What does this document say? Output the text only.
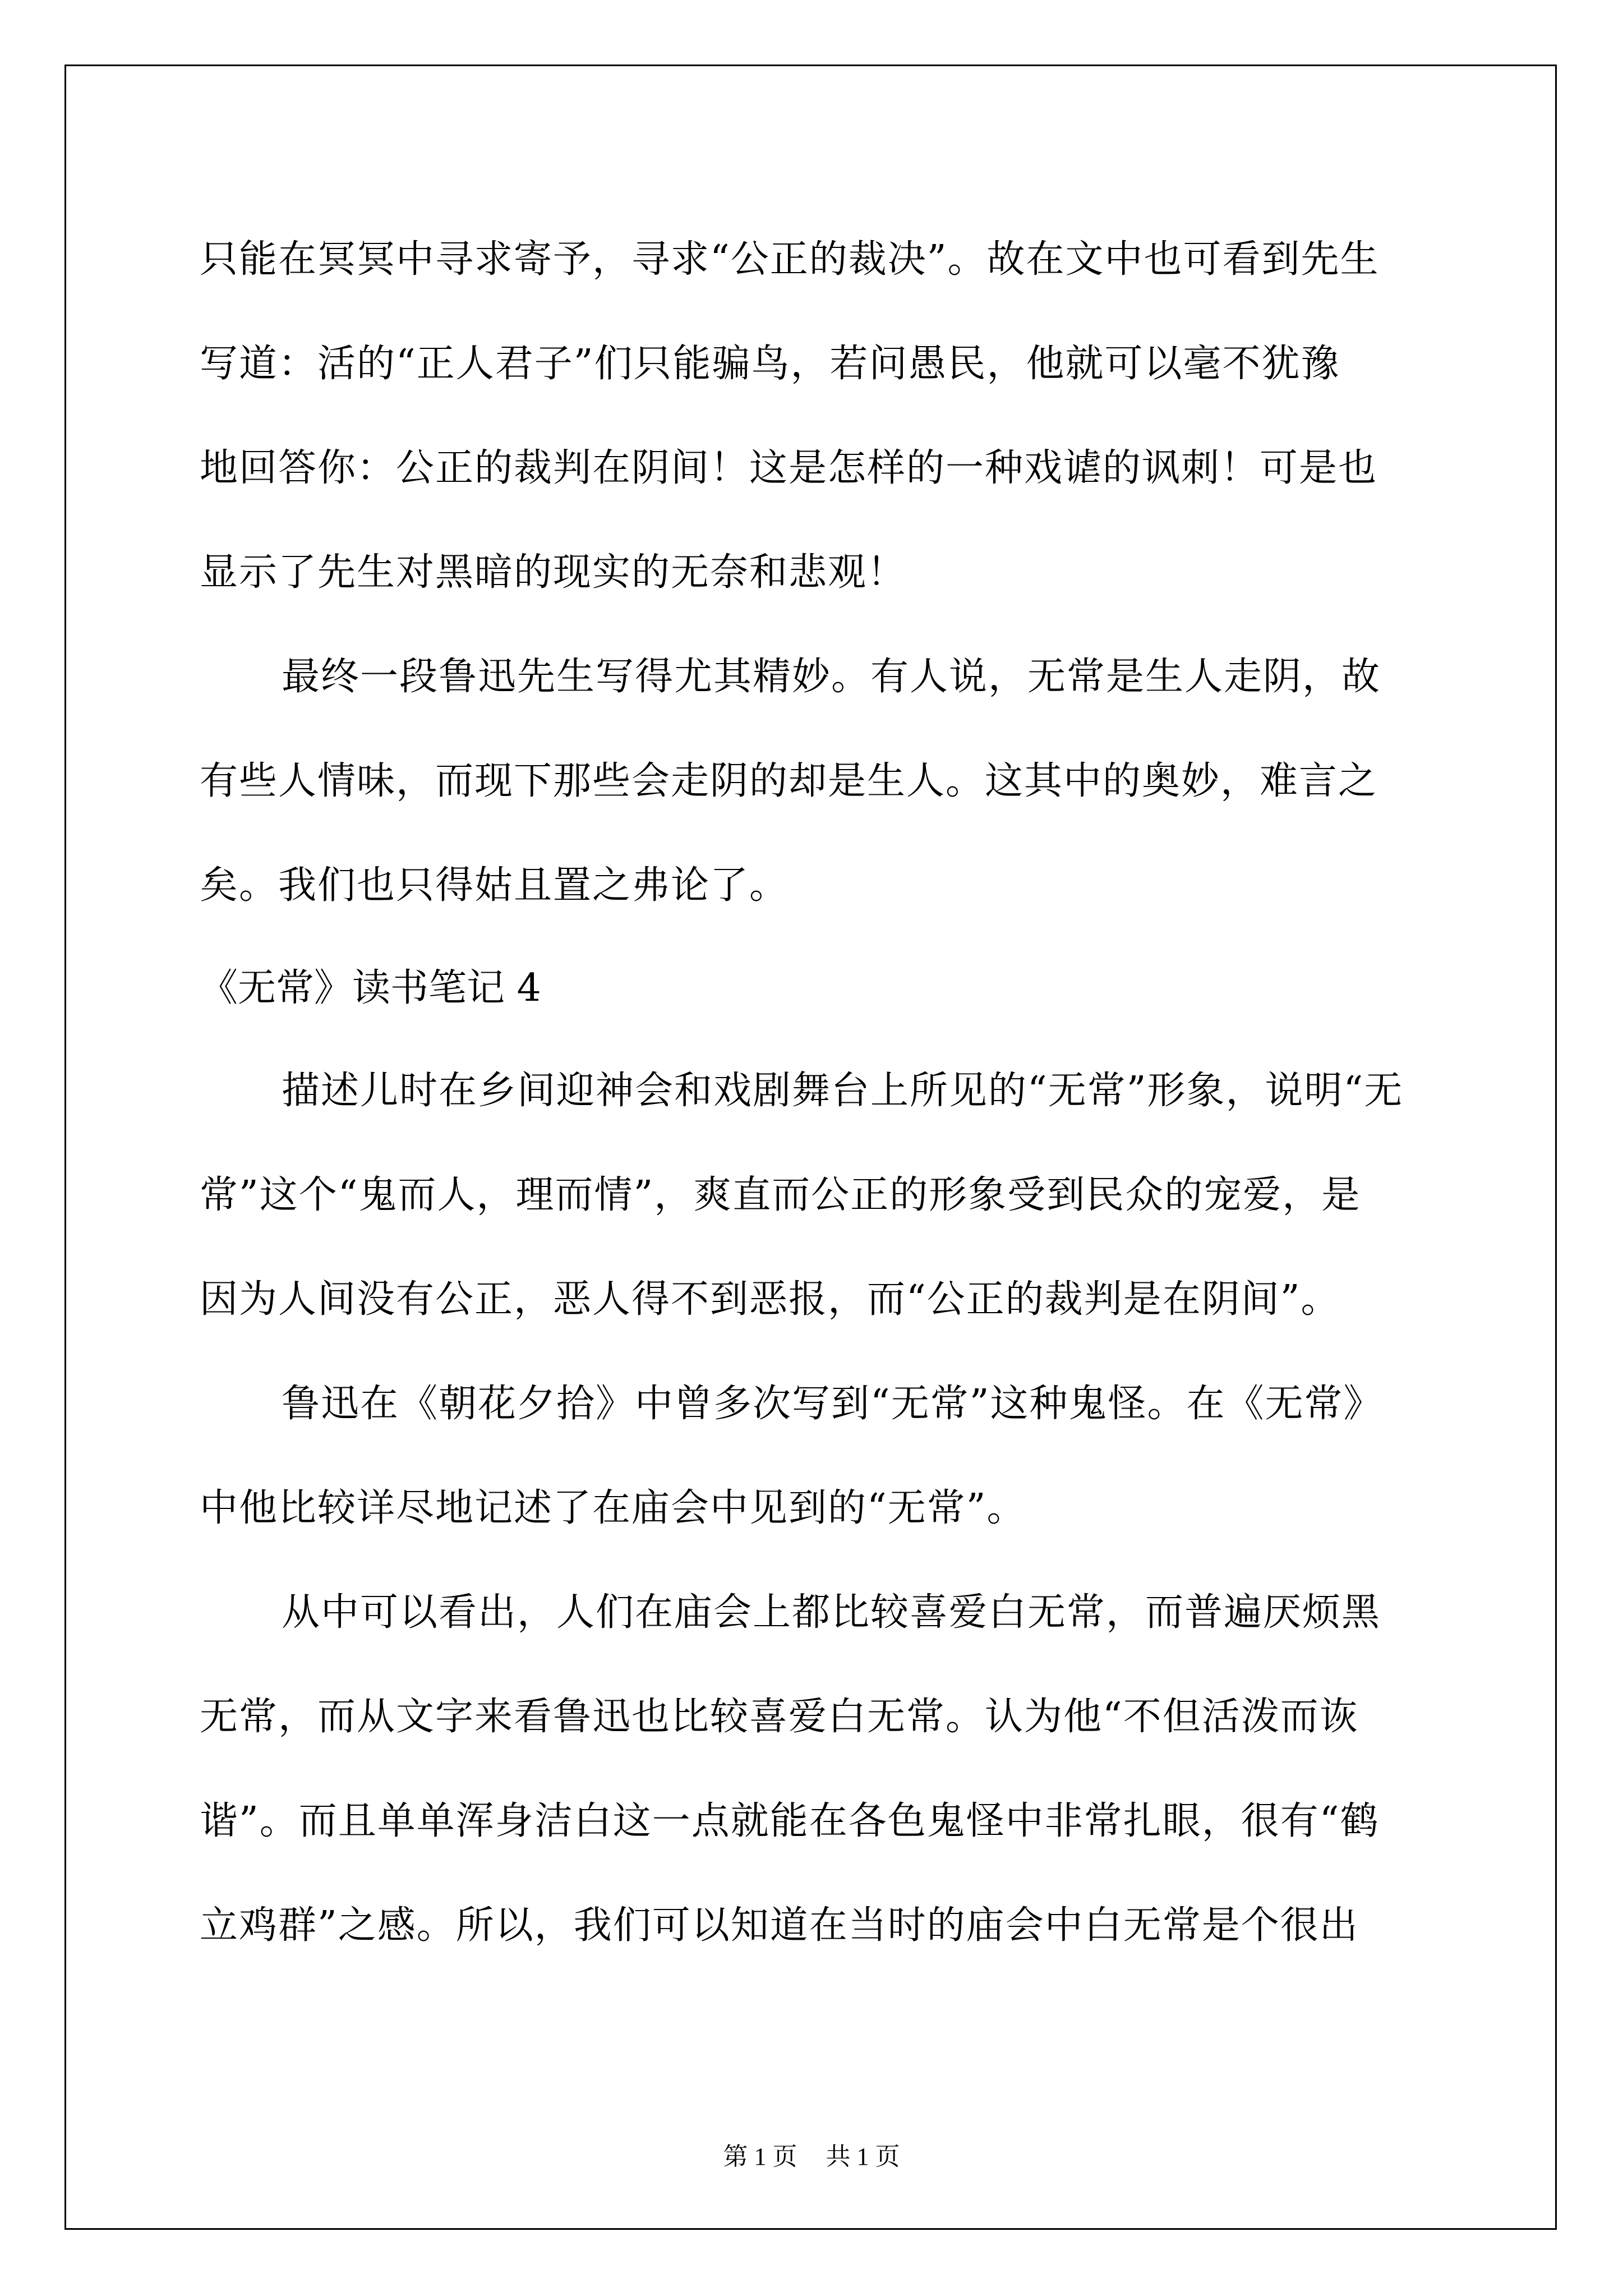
只能在冥冥中寻求寄予，寻求“公正的裁决”。故在文中也可看到先生
写道：活的“正人君子”们只能骗鸟，若问愚民，他就可以毫不犹豫
地回答你：公正的裁判在阴间！这是怎样的一种戏谑的讽刺！可是也
显示了先生对黑暗的现实的无奈和悲观！
最终一段鲁迅先生写得尤其精妙。有人说，无常是生人走阴，故
有些人情味，而现下那些会走阴的却是生人。这其中的奥妙，难言之
矣。我们也只得姑且置之弗论了。
《无常》读书笔记 4
描述儿时在乡间迎神会和戏剧舞台上所见的“无常”形象，说明“无
常”这个“鬼而人，理而情”，爽直而公正的形象受到民众的宠爱，是
因为人间没有公正，恶人得不到恶报，而“公正的裁判是在阴间”。
鲁迅在《朝花夕拾》中曾多次写到“无常”这种鬼怪。在《无常》
中他比较详尽地记述了在庙会中见到的“无常”。
从中可以看出，人们在庙会上都比较喜爱白无常，而普遍厌烦黑
无常，而从文字来看鲁迅也比较喜爱白无常。认为他“不但活泼而诙
谐”。而且单单浑身洁白这一点就能在各色鬼怪中非常扎眼，很有“鹤
立鸡群”之感。所以，我们可以知道在当时的庙会中白无常是个很出
第 1 页 共 1 页
